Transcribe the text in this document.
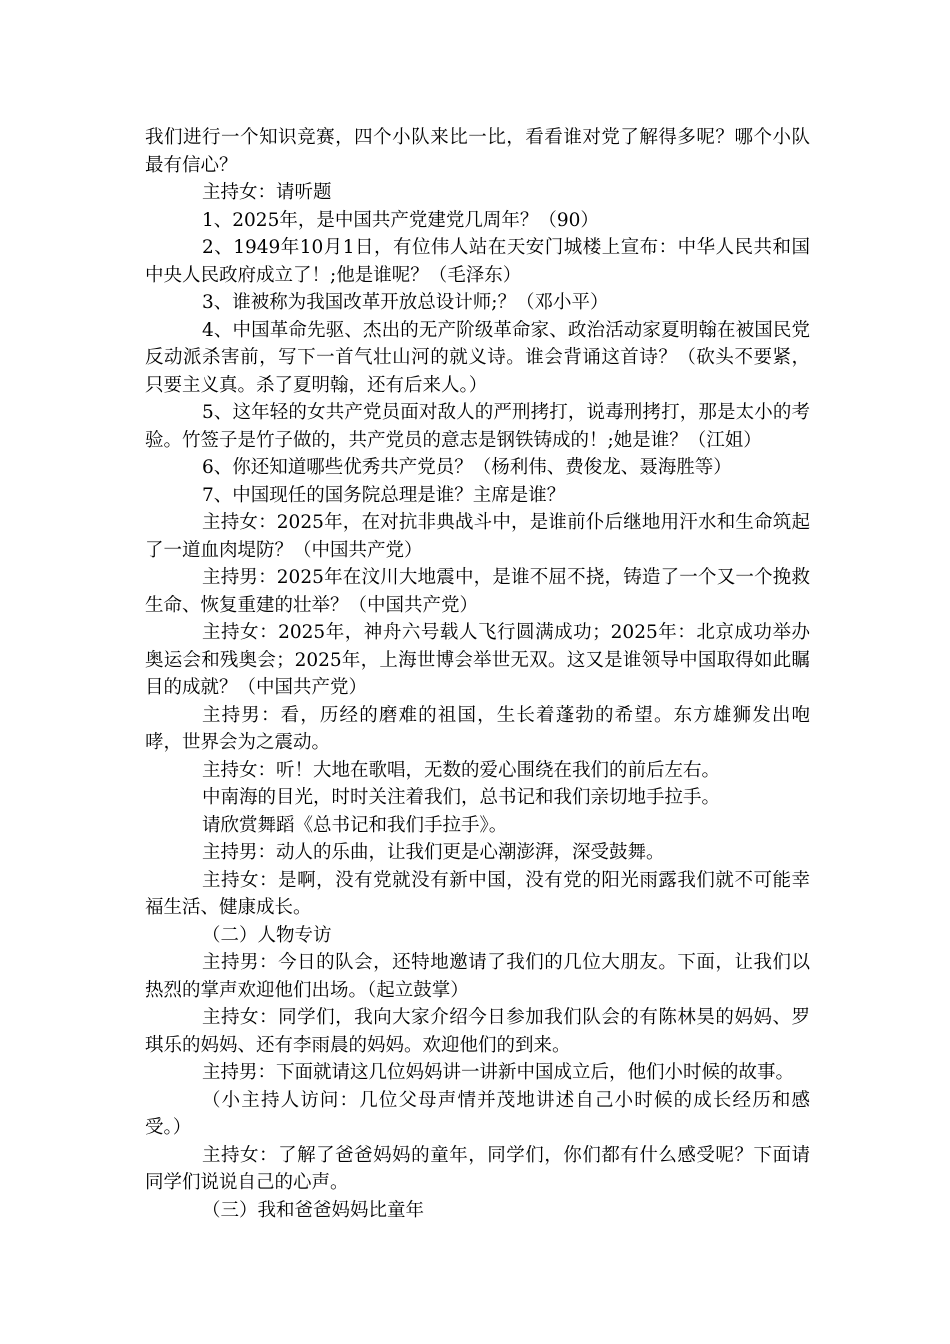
我们进行一个知识竞赛，四个小队来比一比，看看谁对党了解得多呢？哪个小队最有信心？

主持女：请听题

1、2025年，是中国共产党建党几周年？（90）

2、1949年10月1日，有位伟人站在天安门城楼上宣布：中华人民共和国中央人民政府成立了！;他是谁呢？（毛泽东）

3、谁被称为我国改革开放总设计师;？（邓小平）

4、中国革命先驱、杰出的无产阶级革命家、政治活动家夏明翰在被国民党反动派杀害前，写下一首气壮山河的就义诗。谁会背诵这首诗？（砍头不要紧，只要主义真。杀了夏明翰，还有后来人。）

5、这年轻的女共产党员面对敌人的严刑拷打，说毒刑拷打，那是太小的考验。竹签子是竹子做的，共产党员的意志是钢铁铸成的！;她是谁？（江姐）

6、你还知道哪些优秀共产党员？（杨利伟、费俊龙、聂海胜等）

7、中国现任的国务院总理是谁？主席是谁？

主持女：2025年，在对抗非典战斗中，是谁前仆后继地用汗水和生命筑起了一道血肉堤防？（中国共产党）

主持男：2025年在汶川大地震中，是谁不屈不挠，铸造了一个又一个挽救生命、恢复重建的壮举？（中国共产党）

主持女：2025年，神舟六号载人飞行圆满成功；2025年：北京成功举办奥运会和残奥会；2025年，上海世博会举世无双。这又是谁领导中国取得如此瞩目的成就？（中国共产党）

主持男：看，历经的磨难的祖国，生长着蓬勃的希望。东方雄狮发出咆哮，世界会为之震动。

主持女：听！大地在歌唱，无数的爱心围绕在我们的前后左右。

中南海的目光，时时关注着我们，总书记和我们亲切地手拉手。

请欣赏舞蹈《总书记和我们手拉手》。

主持男：动人的乐曲，让我们更是心潮澎湃，深受鼓舞。

主持女：是啊，没有党就没有新中国，没有党的阳光雨露我们就不可能幸福生活、健康成长。

（二）人物专访

主持男：今日的队会，还特地邀请了我们的几位大朋友。下面，让我们以热烈的掌声欢迎他们出场。（起立鼓掌）

主持女：同学们，我向大家介绍今日参加我们队会的有陈林昊的妈妈、罗琪乐的妈妈、还有李雨晨的妈妈。欢迎他们的到来。

主持男：下面就请这几位妈妈讲一讲新中国成立后，他们小时候的故事。

（小主持人访问：几位父母声情并茂地讲述自己小时候的成长经历和感受。）

主持女：了解了爸爸妈妈的童年，同学们，你们都有什么感受呢？下面请同学们说说自己的心声。

（三）我和爸爸妈妈比童年
